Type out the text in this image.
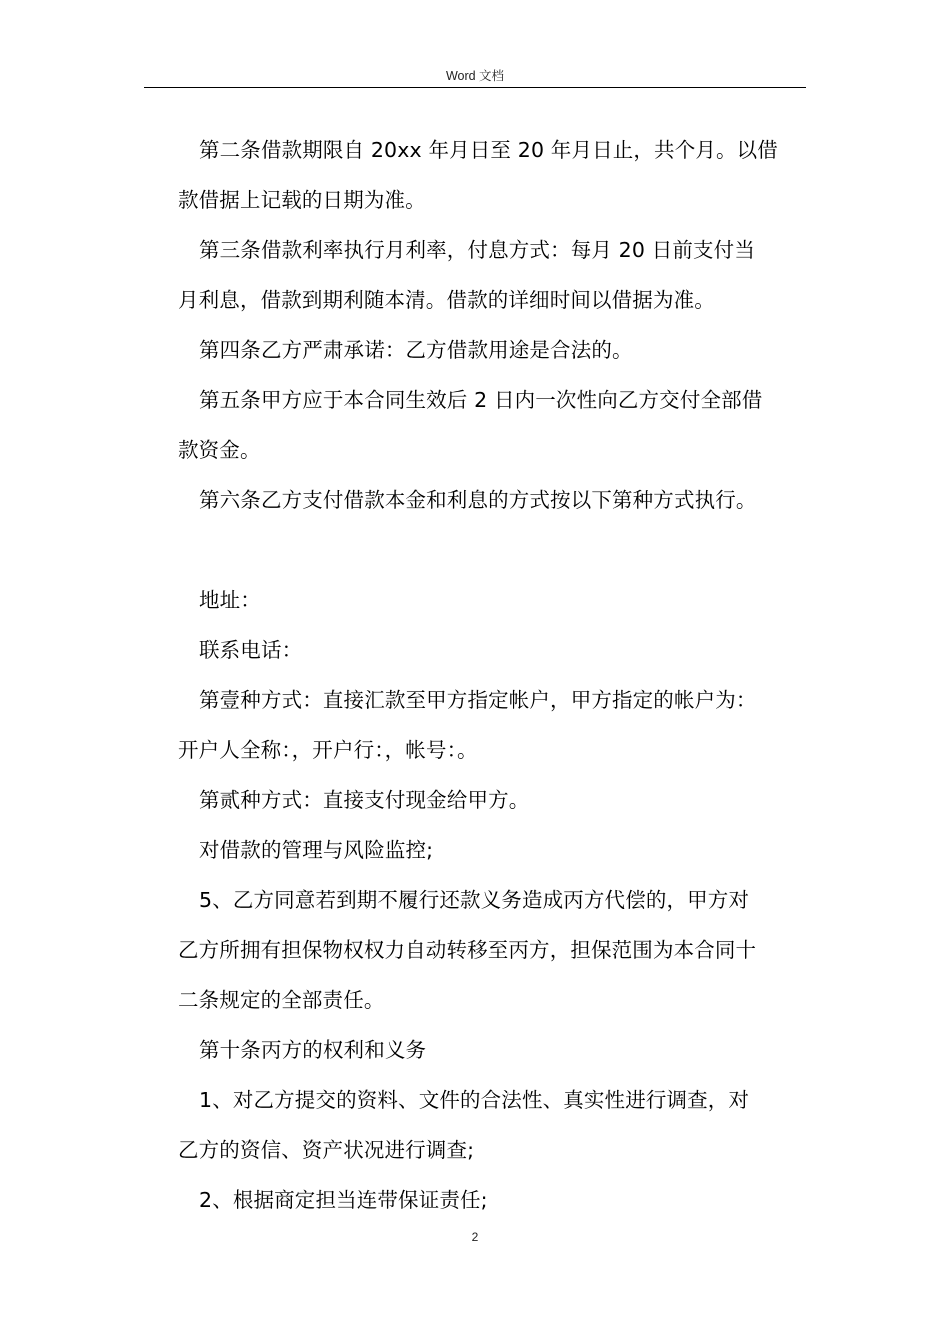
Word 文档
第二条借款期限自 20xx 年月日至 20 年月日止，共个月。以借
款借据上记载的日期为准。
第三条借款利率执行月利率，付息方式：每月 20 日前支付当
月利息，借款到期利随本清。借款的详细时间以借据为准。
第四条乙方严肃承诺：乙方借款用途是合法的。
第五条甲方应于本合同生效后 2 日内一次性向乙方交付全部借
款资金。
第六条乙方支付借款本金和利息的方式按以下第种方式执行。
地址：
联系电话：
第壹种方式：直接汇款至甲方指定帐户，甲方指定的帐户为：
开户人全称：，开户行：，帐号：。
第贰种方式：直接支付现金给甲方。
对借款的管理与风险监控;
5、乙方同意若到期不履行还款义务造成丙方代偿的，甲方对
乙方所拥有担保物权权力自动转移至丙方，担保范围为本合同十
二条规定的全部责任。
第十条丙方的权利和义务
1、对乙方提交的资料、文件的合法性、真实性进行调查，对
乙方的资信、资产状况进行调查;
2、根据商定担当连带保证责任;
2
